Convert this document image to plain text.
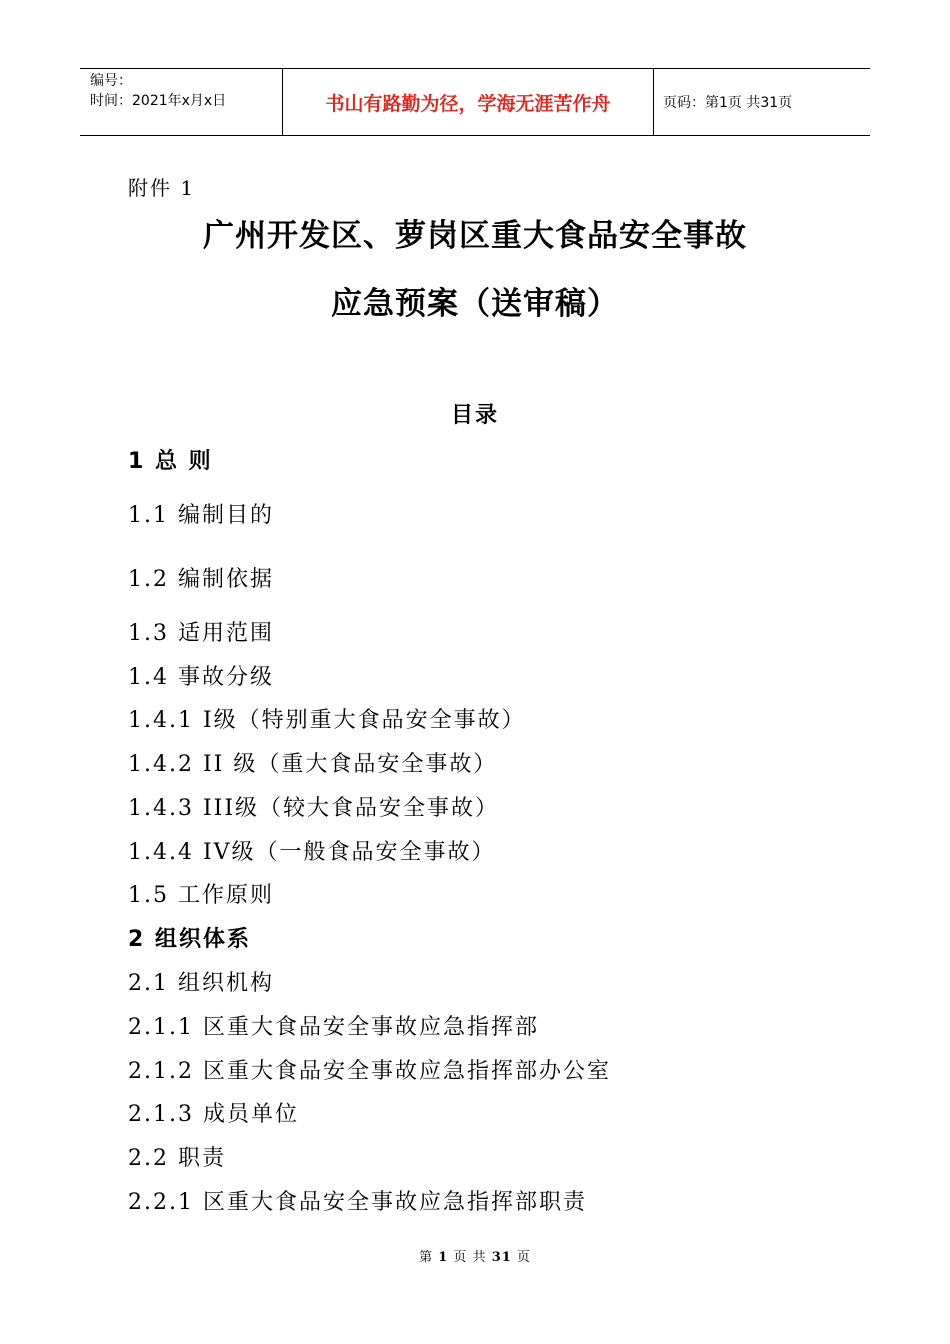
编号：
时间：2021年x月x日	书山有路勤为径，学海无涯苦作舟	页码：第1页 共31页
附件 1
广州开发区、萝岗区重大食品安全事故
应急预案（送审稿）
目录
1 总 则
1.1 编制目的
1.2 编制依据
1.3 适用范围
1.4 事故分级
1.4.1 I级（特别重大食品安全事故）
1.4.2 II 级（重大食品安全事故）
1.4.3 III级（较大食品安全事故）
1.4.4 IV级（一般食品安全事故）
1.5 工作原则
2 组织体系
2.1 组织机构
2.1.1 区重大食品安全事故应急指挥部
2.1.2 区重大食品安全事故应急指挥部办公室
2.1.3 成员单位
2.2 职责
2.2.1 区重大食品安全事故应急指挥部职责
第 1 页 共 31 页
